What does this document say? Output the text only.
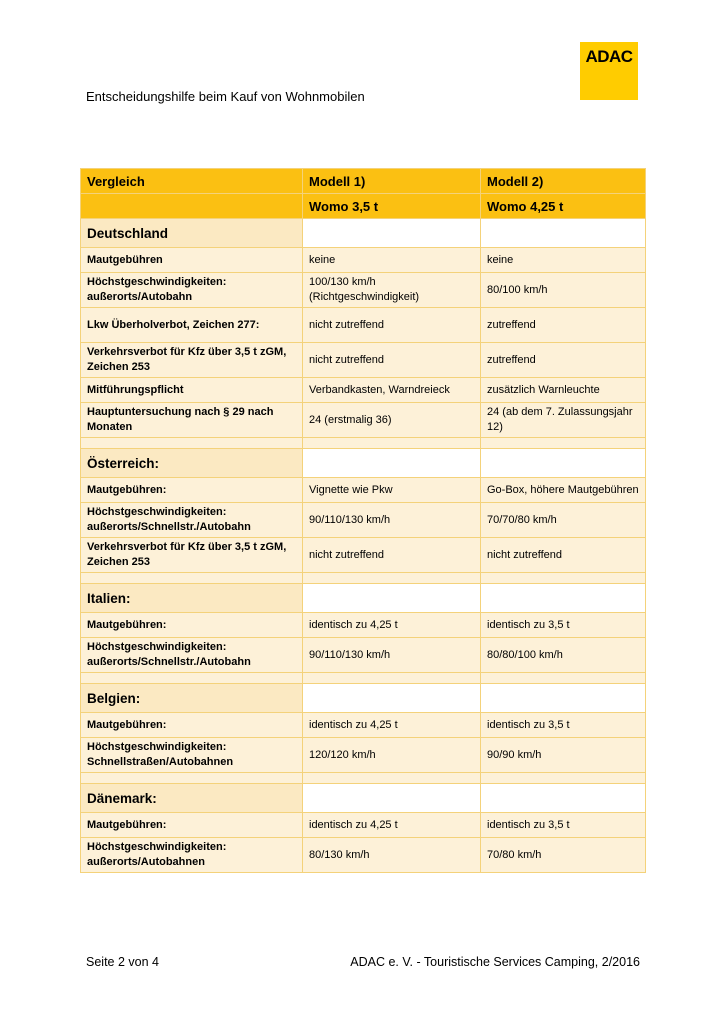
ADAC
Entscheidungshilfe beim Kauf von Wohnmobilen
Vergleich	Modell 1)	Modell 2)
	Womo 3,5 t	Womo 4,25 t
Deutschland		
Mautgebühren	keine	keine
Höchstgeschwindigkeiten: außerorts/Autobahn	100/130 km/h (Richtgeschwindigkeit)	80/100 km/h
Lkw Überholverbot, Zeichen 277:	nicht zutreffend	zutreffend
Verkehrsverbot für Kfz über 3,5 t zGM, Zeichen 253	nicht zutreffend	zutreffend
Mitführungspflicht	Verbandkasten, Warndreieck	zusätzlich Warnleuchte
Hauptuntersuchung nach § 29 nach Monaten	24 (erstmalig 36)	24 (ab dem 7. Zulassungsjahr 12)

Österreich:		
Mautgebühren:	Vignette wie Pkw	Go-Box, höhere Mautgebühren
Höchstgeschwindigkeiten: außerorts/Schnellstr./Autobahn	90/110/130 km/h	70/70/80 km/h
Verkehrsverbot für Kfz über 3,5 t zGM, Zeichen 253	nicht zutreffend	nicht zutreffend

Italien:		
Mautgebühren:	identisch zu 4,25 t	identisch zu 3,5 t
Höchstgeschwindigkeiten: außerorts/Schnellstr./Autobahn	90/110/130 km/h	80/80/100 km/h

Belgien:		
Mautgebühren:	identisch zu 4,25 t	identisch zu 3,5 t
Höchstgeschwindigkeiten: Schnellstraßen/Autobahnen	120/120 km/h	90/90 km/h

Dänemark:		
Mautgebühren:	identisch zu 4,25 t	identisch zu 3,5 t
Höchstgeschwindigkeiten: außerorts/Autobahnen	80/130 km/h	70/80 km/h
Seite 2 von 4	ADAC e. V. - Touristische Services Camping, 2/2016
